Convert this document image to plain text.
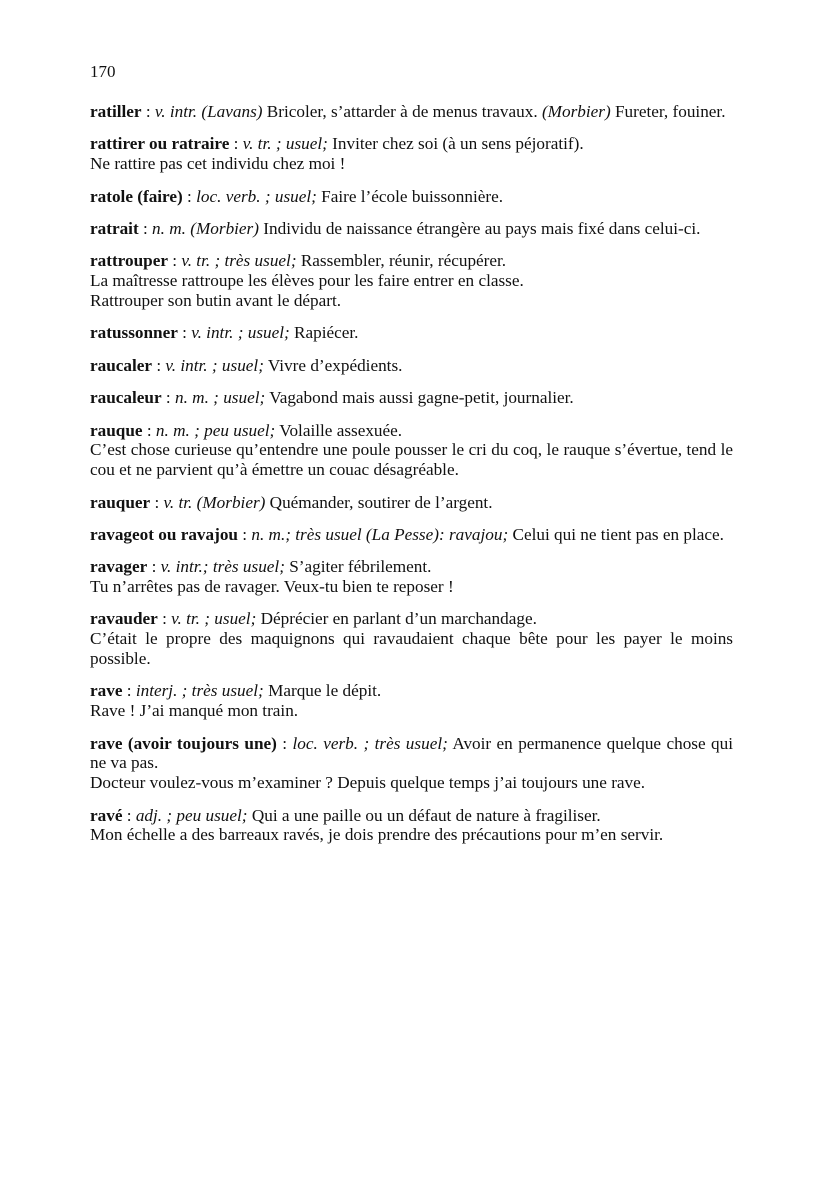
170

ratiller : v. intr. (Lavans) Bricoler, s’attarder à de menus travaux. (Morbier) Fureter, fouiner.

rattirer ou ratraire : v. tr. ; usuel; Inviter chez soi (à un sens péjoratif).

Ne rattire pas cet individu chez moi !

ratole (faire) : loc. verb. ; usuel; Faire l’école buissonnière.

ratrait : n. m. (Morbier) Individu de naissance étrangère au pays mais fixé dans celui-ci.

rattrouper : v. tr. ; très usuel; Rassembler, réunir, récupérer.

La maîtresse rattroupe les élèves pour les faire entrer en classe.

Rattrouper son butin avant le départ.

ratussonner : v. intr. ; usuel; Rapiécer.

raucaler : v. intr. ; usuel; Vivre d’expédients.

raucaleur : n. m. ; usuel; Vagabond mais aussi gagne-petit, journalier.

rauque : n. m. ; peu usuel; Volaille assexuée.

C’est chose curieuse qu’entendre une poule pousser le cri du coq, le rauque s’évertue, tend le cou et ne parvient qu’à émettre un couac désagréable.

rauquer : v. tr. (Morbier) Quémander, soutirer de l’argent.

ravageot ou ravajou : n. m.; très usuel (La Pesse): ravajou; Celui qui ne tient pas en place.

ravager : v. intr.; très usuel; S’agiter fébrilement.

Tu n’arrêtes pas de ravager. Veux-tu bien te reposer !

ravauder : v. tr. ; usuel; Déprécier en parlant d’un marchandage.

C’était le propre des maquignons qui ravaudaient chaque bête pour les payer le moins possible.

rave : interj. ; très usuel; Marque le dépit.

Rave ! J’ai manqué mon train.

rave (avoir toujours une) : loc. verb. ; très usuel; Avoir en permanence quelque chose qui ne va pas.

Docteur voulez-vous m’examiner ? Depuis quelque temps j’ai toujours une rave.

ravé : adj. ; peu usuel; Qui a une paille ou un défaut de nature à fragiliser.

Mon échelle a des barreaux ravés, je dois prendre des précautions pour m’en servir.
